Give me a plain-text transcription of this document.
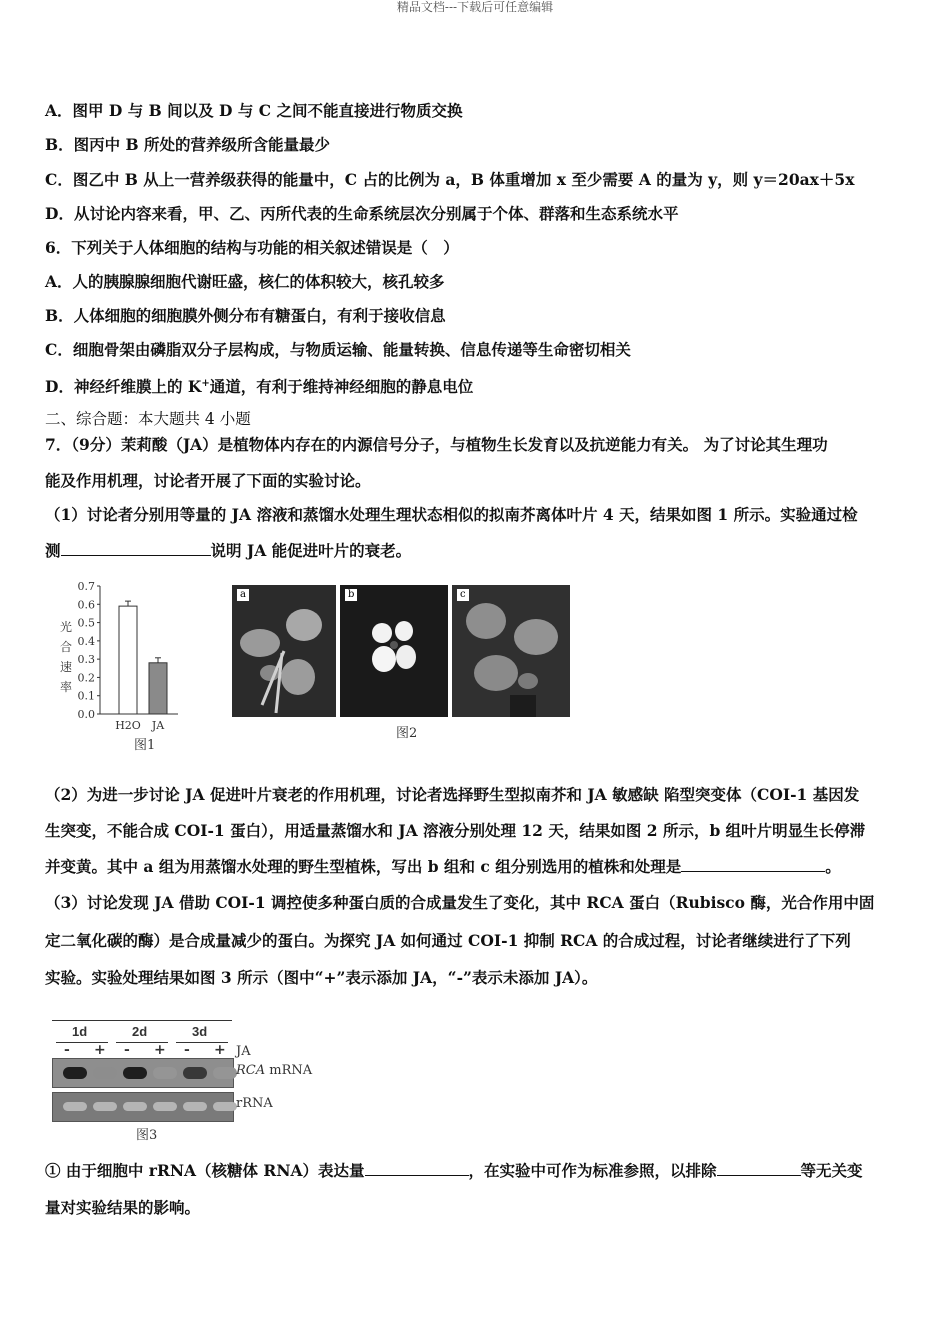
精品文档---下载后可任意编辑
A．图甲 D 与 B 间以及 D 与 C 之间不能直接进行物质交换
B．图丙中 B 所处的营养级所含能量最少
C．图乙中 B 从上一营养级获得的能量中，C 占的比例为 a，B 体重增加 x 至少需要 A 的量为 y，则 y＝20ax＋5x
D．从讨论内容来看，甲、乙、丙所代表的生命系统层次分别属于个体、群落和生态系统水平
6．下列关于人体细胞的结构与功能的相关叙述错误是（　）
A．人的胰腺腺细胞代谢旺盛，核仁的体积较大，核孔较多
B．人体细胞的细胞膜外侧分布有糖蛋白，有利于接收信息
C．细胞骨架由磷脂双分子层构成，与物质运输、能量转换、信息传递等生命密切相关
D．神经纤维膜上的 K+通道，有利于维持神经细胞的静息电位
二、综合题：本大题共 4 小题
7．（9分）茉莉酸（JA）是植物体内存在的内源信号分子，与植物生长发育以及抗逆能力有关。 为了讨论其生理功
能及作用机理，讨论者开展了下面的实验讨论。
（1）讨论者分别用等量的 JA 溶液和蒸馏水处理生理状态相似的拟南芥离体叶片 4 天，结果如图 1 所示。实验通过检
测	说明 JA 能促进叶片的衰老。
光
合
速
率
0.7
0.6
0.5
0.4
0.3
0.2
0.1
0.0
H2O JA
图1
a	b	c
图2
（2）为进一步讨论 JA 促进叶片衰老的作用机理，讨论者选择野生型拟南芥和 JA 敏感缺 陷型突变体（COI-1 基因发
生突变，不能合成 COI-1 蛋白），用适量蒸馏水和 JA 溶液分别处理 12 天，结果如图 2 所示，b 组叶片明显生长停滞
并变黄。其中 a 组为用蒸馏水处理的野生型植株，写出 b 组和 c 组分别选用的植株和处理是	。
（3）讨论发现 JA 借助 COI-1 调控使多种蛋白质的合成量发生了变化，其中 RCA 蛋白（Rubisco 酶，光合作用中固
定二氧化碳的酶）是合成量减少的蛋白。为探究 JA 如何通过 COI-1 抑制 RCA 的合成过程，讨论者继续进行了下列
实验。实验处理结果如图 3 所示（图中“+”表示添加 JA，“-”表示未添加 JA）。
1d	2d	3d
- + - + - + JA
RCA mRNA
rRNA
图3
① 由于细胞中 rRNA（核糖体 RNA）表达量	，在实验中可作为标准参照，以排除	等无关变
量对实验结果的影响。
